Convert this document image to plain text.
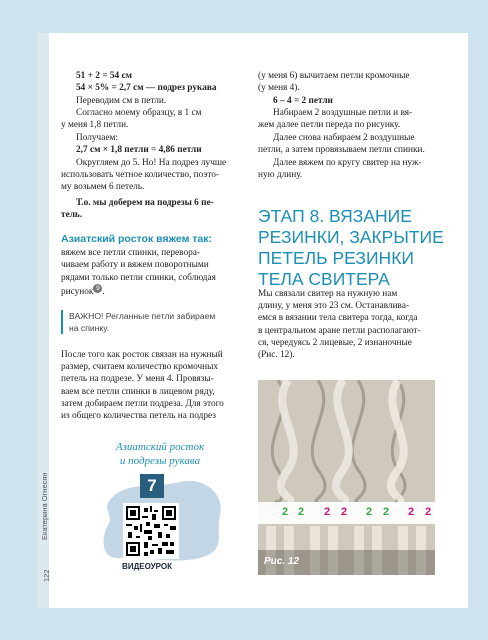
51 + 2 = 54 см
54 × 5% = 2,7 см — подрез рукава
Переводим см в петли.
Согласно моему образцу, в 1 см
у меня 1,8 петли.
Получаем:
2,7 см × 1,8 петли = 4,86 петли
Округляем до 5. Но! На подрез лучше
использовать четное количество, поэто-
му возьмем 6 петель.
Т.о. мы доберем на подрезы 6 пе-
тель.
Азиатский росток вяжем так:
вяжем все петли спинки, перевора-
чиваем работу и вяжем поворотными
рядами только петли спинки, соблюдая
рисунок 9 .
ВАЖНО! Регланные петли забираем
на спинку.
После того как росток связан на нужный
размер, считаем количество кромочных
петель на подрезе. У меня 4. Провязы-
ваем все петли спинки в лицевом ряду,
затем добираем петли подреза. Для этого
из общего количества петель на подрез
Азиатский росток
и подрезы рукава
7
ВИДЕОУРОК
Екатерина Огнесян
122
(у меня 6) вычитаем петли кромочные
(у меня 4).
6 – 4 = 2 петли
Набираем 2 воздушные петли и вя-
жем далее петли переда по рисунку.
Далее снова набираем 2 воздушные
петли, а затем провязываем петли спинки.
Далее вяжем по кругу свитер на нуж-
ную длину.
ЭТАП 8. ВЯЗАНИЕ РЕЗИНКИ, ЗАКРЫТИЕ ПЕТЕЛЬ РЕЗИНКИ ТЕЛА СВИТЕРА
Мы связали свитер на нужную нам
длину, у меня это 23 см. Останавлива-
емся в вязании тела свитера тогда, когда
в центральном аране петли располагают-
ся, чередуясь 2 лицевые, 2 изнаночные
(Рис. 12).
2 2 2 2 2 2 2 2
Рис. 12
